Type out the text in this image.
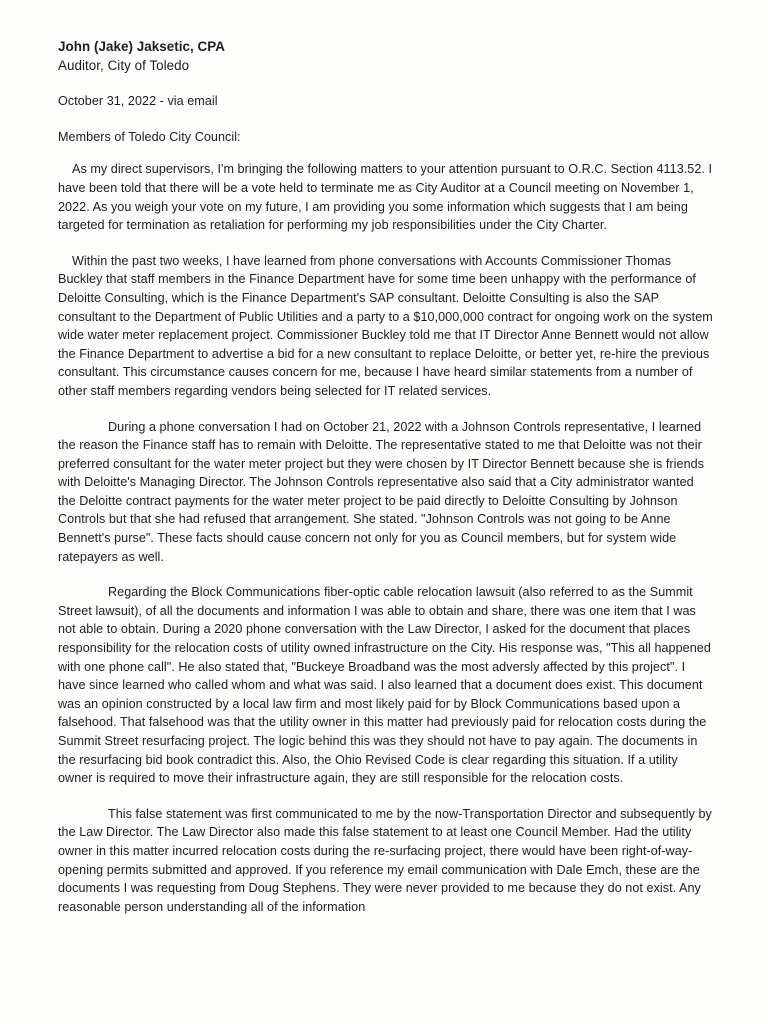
John (Jake) Jaksetic, CPA

Auditor, City of Toledo

October 31, 2022 - via email

Members of Toledo City Council:

As my direct supervisors, I'm bringing the following matters to your attention pursuant to O.R.C. Section 4113.52. I have been told that there will be a vote held to terminate me as City Auditor at a Council meeting on November 1, 2022. As you weigh your vote on my future, I am providing you some information which suggests that I am being targeted for termination as retaliation for performing my job responsibilities under the City Charter.

Within the past two weeks, I have learned from phone conversations with Accounts Commissioner Thomas Buckley that staff members in the Finance Department have for some time been unhappy with the performance of Deloitte Consulting, which is the Finance Department's SAP consultant. Deloitte Consulting is also the SAP consultant to the Department of Public Utilities and a party to a $10,000,000 contract for ongoing work on the system wide water meter replacement project. Commissioner Buckley told me that IT Director Anne Bennett would not allow the Finance Department to advertise a bid for a new consultant to replace Deloitte, or better yet, re-hire the previous consultant. This circumstance causes concern for me, because I have heard similar statements from a number of other staff members regarding vendors being selected for IT related services.

During a phone conversation I had on October 21, 2022 with a Johnson Controls representative, I learned the reason the Finance staff has to remain with Deloitte. The representative stated to me that Deloitte was not their preferred consultant for the water meter project but they were chosen by IT Director Bennett because she is friends with Deloitte's Managing Director. The Johnson Controls representative also said that a City administrator wanted the Deloitte contract payments for the water meter project to be paid directly to Deloitte Consulting by Johnson Controls but that she had refused that arrangement. She stated. "Johnson Controls was not going to be Anne Bennett's purse". These facts should cause concern not only for you as Council members, but for system wide ratepayers as well.

Regarding the Block Communications fiber-optic cable relocation lawsuit (also referred to as the Summit Street lawsuit), of all the documents and information I was able to obtain and share, there was one item that I was not able to obtain. During a 2020 phone conversation with the Law Director, I asked for the document that places responsibility for the relocation costs of utility owned infrastructure on the City. His response was, "This all happened with one phone call". He also stated that, "Buckeye Broadband was the most adversly affected by this project". I have since learned who called whom and what was said. I also learned that a document does exist. This document was an opinion constructed by a local law firm and most likely paid for by Block Communications based upon a falsehood. That falsehood was that the utility owner in this matter had previously paid for relocation costs during the Summit Street resurfacing project. The logic behind this was they should not have to pay again. The documents in the resurfacing bid book contradict this. Also, the Ohio Revised Code is clear regarding this situation. If a utility owner is required to move their infrastructure again, they are still responsible for the relocation costs.

This false statement was first communicated to me by the now-Transportation Director and subsequently by the Law Director. The Law Director also made this false statement to at least one Council Member. Had the utility owner in this matter incurred relocation costs during the re-surfacing project, there would have been right-of-way-opening permits submitted and approved. If you reference my email communication with Dale Emch, these are the documents I was requesting from Doug Stephens. They were never provided to me because they do not exist. Any reasonable person understanding all of the information
